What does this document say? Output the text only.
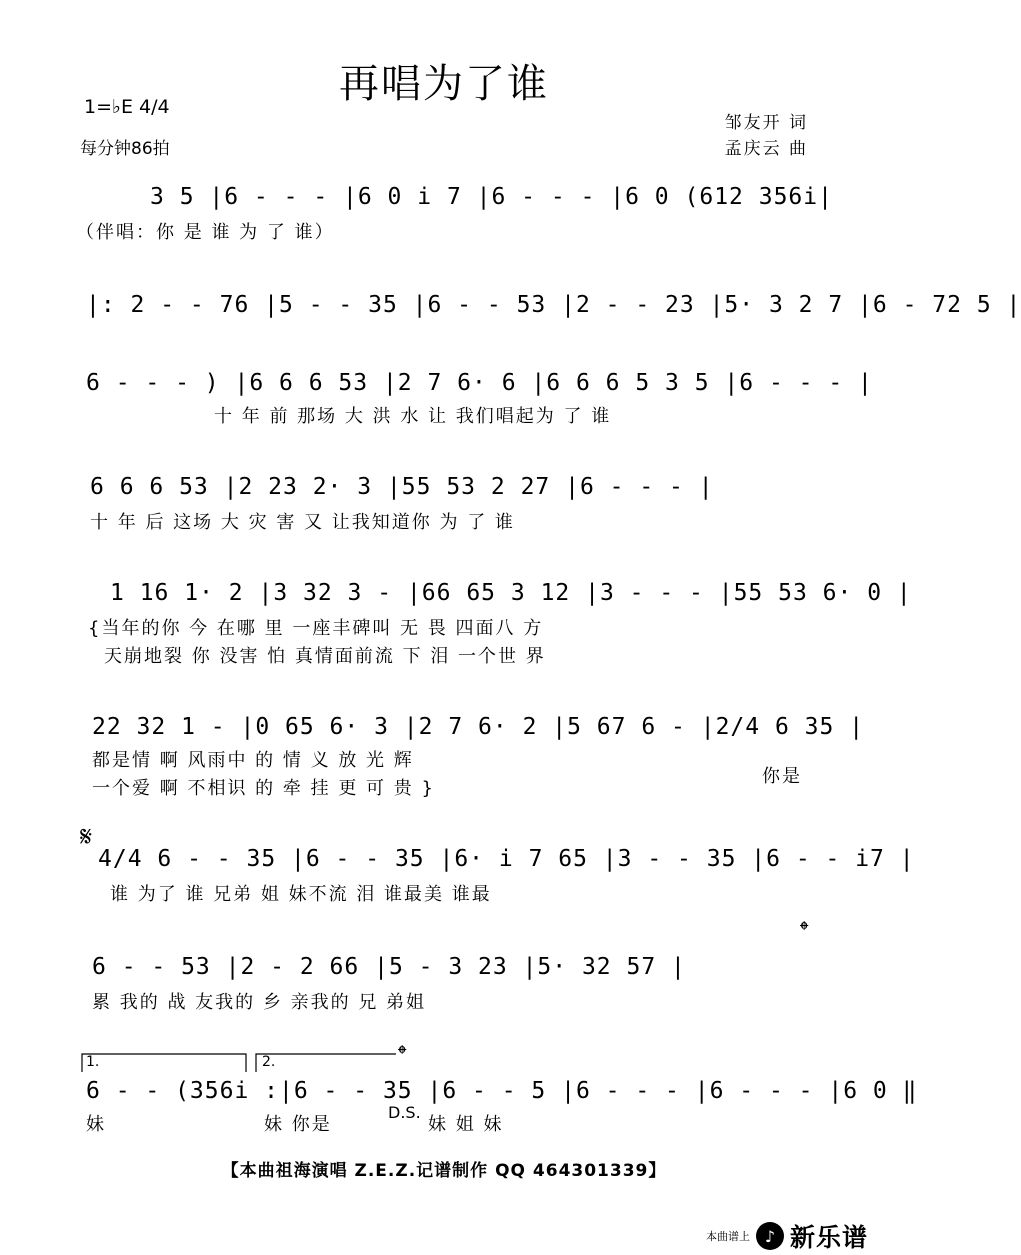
再唱为了谁
1=♭E 4/4
每分钟86拍
邹友开 词
孟庆云 曲
3 5 |6 - - - |6 0 i 7 |6 - - - |6 0 (612 356i|
（伴唱：你 是 谁 为 了 谁）
|: 2 - - 76 |5 - - 35 |6 - - 53 |2 - - 23 |5· 3 2 7 |6 - 72 5 |
6 - - - ) |6 6 6 53 |2 7 6· 6 |6 6 6 5 3 5 |6 - - - |
十 年 前 那场 大 洪 水 让 我们唱起为 了 谁
6 6 6 53 |2 23 2· 3 |55 53 2 27 |6 - - - |
十 年 后 这场 大 灾 害 又 让我知道你 为 了 谁
1 16 1· 2 |3 32 3 - |66 65 3 12 |3 - - - |55 53 6· 0 |
{当年的你 今 在哪 里 一座丰碑叫 无 畏 四面八 方
天崩地裂 你 没害 怕 真情面前流 下 泪 一个世 界
22 32 1 - |0 65 6· 3 |2 7 6· 2 |5 67 6 - |2/4 6 35 |
都是情 啊 风雨中 的 情 义 放 光 辉
一个爱 啊 不相识 的 牵 挂 更 可 贵 }
你是
𝄋
4/4 6 - - 35 |6 - - 35 |6· i 7 65 |3 - - 35 |6 - - i7 |
谁 为了 谁 兄弟 姐 妹不流 泪 谁最美 谁最
𝄌
6 - - 53 |2 - 2 66 |5 - 3 23 |5· 32 57 |
累 我的 战 友我的 乡 亲我的 兄 弟姐
1.	2.	𝄌
6 - - (356i :|6 - - 35 |6 - - 5 |6 - - - |6 - - - |6 0 ‖
妹	妹 你是
D.S.
妹 姐 妹
【本曲祖海演唱 Z.E.Z.记谱制作 QQ 464301339】
本曲谱上 ♪ 新乐谱
